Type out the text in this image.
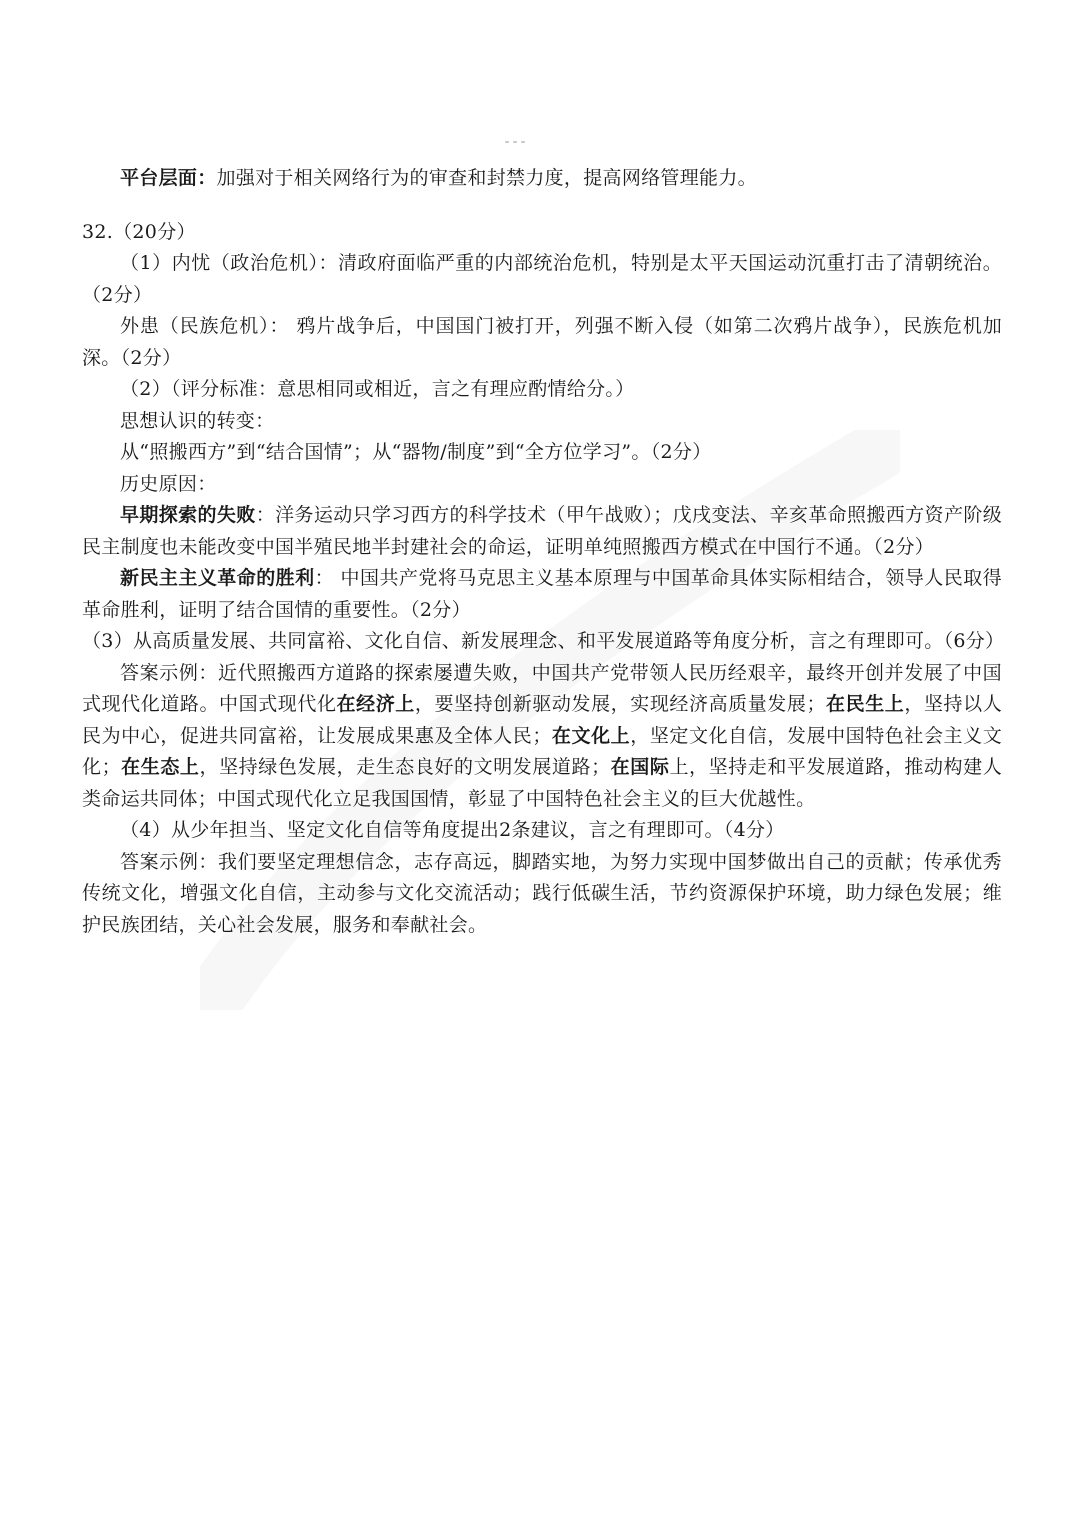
平台层面：加强对于相关网络行为的审查和封禁力度，提高网络管理能力。

32.（20分）

（1）内忧（政治危机）：清政府面临严重的内部统治危机，特别是太平天国运动沉重打击了清朝统治。（2分）

外患（民族危机）： 鸦片战争后，中国国门被打开，列强不断入侵（如第二次鸦片战争），民族危机加深。（2分）

（2）（评分标准：意思相同或相近，言之有理应酌情给分。）

思想认识的转变：

从“照搬西方”到“结合国情”；从“器物/制度”到“全方位学习”。（2分）

历史原因：

早期探索的失败：洋务运动只学习西方的科学技术（甲午战败）；戊戌变法、辛亥革命照搬西方资产阶级民主制度也未能改变中国半殖民地半封建社会的命运，证明单纯照搬西方模式在中国行不通。（2分）

新民主主义革命的胜利： 中国共产党将马克思主义基本原理与中国革命具体实际相结合，领导人民取得革命胜利，证明了结合国情的重要性。（2分）

（3）从高质量发展、共同富裕、文化自信、新发展理念、和平发展道路等角度分析，言之有理即可。（6分）

答案示例：近代照搬西方道路的探索屡遭失败，中国共产党带领人民历经艰辛，最终开创并发展了中国式现代化道路。中国式现代化在经济上，要坚持创新驱动发展，实现经济高质量发展；在民生上，坚持以人民为中心，促进共同富裕，让发展成果惠及全体人民；在文化上，坚定文化自信，发展中国特色社会主义文化；在生态上，坚持绿色发展，走生态良好的文明发展道路；在国际上，坚持走和平发展道路，推动构建人类命运共同体；中国式现代化立足我国国情，彰显了中国特色社会主义的巨大优越性。

（4）从少年担当、坚定文化自信等角度提出2条建议，言之有理即可。（4分）

答案示例：我们要坚定理想信念，志存高远，脚踏实地，为努力实现中国梦做出自己的贡献；传承优秀传统文化，增强文化自信，主动参与文化交流活动；践行低碳生活，节约资源保护环境，助力绿色发展；维护民族团结，关心社会发展，服务和奉献社会。
